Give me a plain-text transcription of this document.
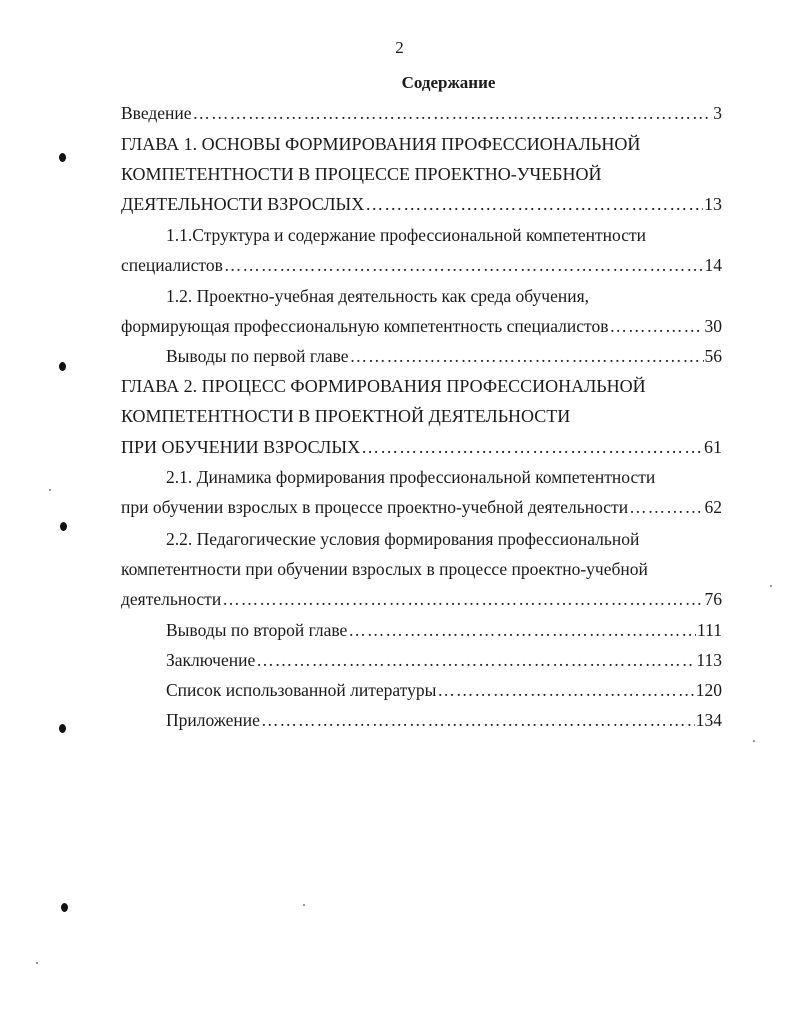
2
Содержание
Введение …………………………………………………………………………………………………………………………………………………………………………………………………………	3
ГЛАВА 1. ОСНОВЫ ФОРМИРОВАНИЯ ПРОФЕССИОНАЛЬНОЙ
КОМПЕТЕНТНОСТИ В ПРОЦЕССЕ ПРОЕКТНО-УЧЕБНОЙ
ДЕЯТЕЛЬНОСТИ ВЗРОСЛЫХ …………………………………………………………………………………………………………………………………………………………………………………………………………	13
1.1.Структура и содержание профессиональной компетентности
специалистов …………………………………………………………………………………………………………………………………………………………………………………………………………	14
1.2. Проектно-учебная деятельность как среда обучения,
формирующая профессиональную компетентность специалистов …………………………………………………………………………………………………………………………………………………………………………………………………………	30
Выводы по первой главе …………………………………………………………………………………………………………………………………………………………………………………………………………	56
ГЛАВА 2. ПРОЦЕСС ФОРМИРОВАНИЯ ПРОФЕССИОНАЛЬНОЙ
КОМПЕТЕНТНОСТИ В ПРОЕКТНОЙ ДЕЯТЕЛЬНОСТИ
ПРИ ОБУЧЕНИИ ВЗРОСЛЫХ …………………………………………………………………………………………………………………………………………………………………………………………………………	61
2.1. Динамика формирования профессиональной компетентности
при обучении взрослых в процессе проектно-учебной деятельности …………………………………………………………………………………………………………………………………………………………………………………………………………	62
2.2. Педагогические условия формирования профессиональной
компетентности при обучении взрослых в процессе проектно-учебной
деятельности …………………………………………………………………………………………………………………………………………………………………………………………………………	76
Выводы по второй главе …………………………………………………………………………………………………………………………………………………………………………………………………………	111
Заключение …………………………………………………………………………………………………………………………………………………………………………………………………………	113
Список использованной литературы …………………………………………………………………………………………………………………………………………………………………………………………………………	120
Приложение …………………………………………………………………………………………………………………………………………………………………………………………………………	134
